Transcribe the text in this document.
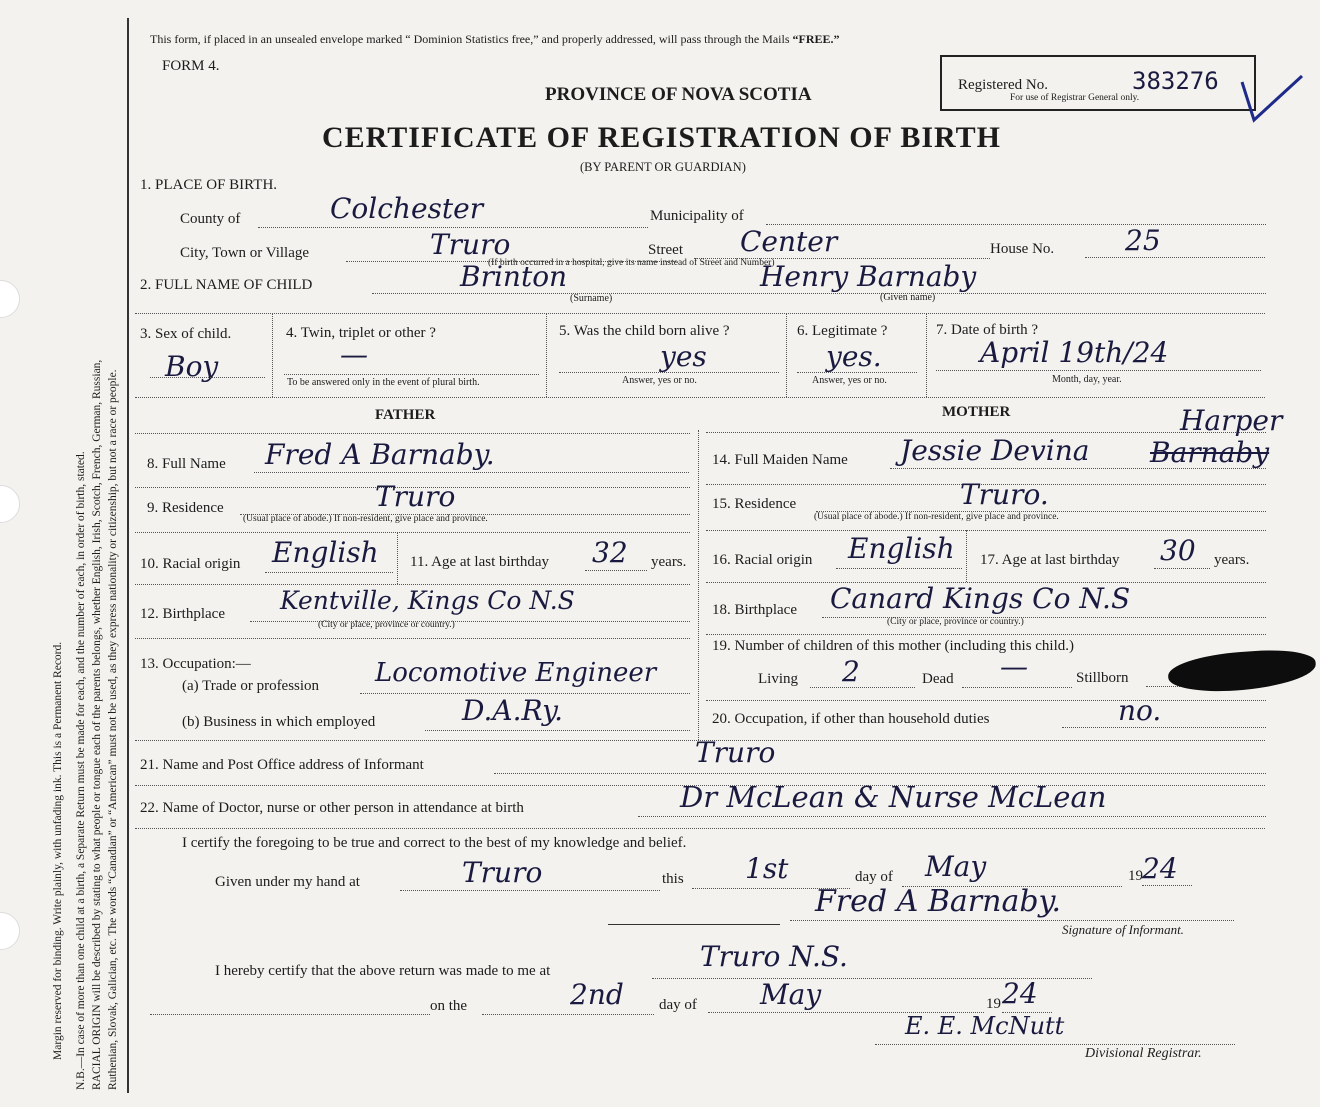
Margin reserved for binding. Write plainly, with unfading ink. This is a Permanent Record. N.B.—In case of more than one child at a birth, a Separate Return must be made for each, and the number of each, in order of birth, stated. RACIAL ORIGIN will be described by stating to what people or tongue each of the parents belongs, whether English, Irish, Scotch, French, German, Russian, Ruthenian, Slovak, Galician, etc. The words “Canadian” or “American” must not be used, as they express nationality or citizenship, but not a race or people.
This form, if placed in an unsealed envelope marked “ Dominion Statistics free,” and properly addressed, will pass through the Mails “FREE.”
FORM 4.
PROVINCE OF NOVA SCOTIA
CERTIFICATE OF REGISTRATION OF BIRTH
(BY PARENT OR GUARDIAN)
Registered No.	383276
For use of Registrar General only.
1. PLACE OF BIRTH.
County of	Colchester	Municipality of
City, Town or Village	Truro	Street Center	House No.	25
(If birth occurred in a hospital, give its name instead of Street and Number)
2. FULL NAME OF CHILD	Brinton	Henry Barnaby
(Surname)	(Given name)
3. Sex of child.
Boy
4. Twin, triplet or other ?
—
To be answered only in the event of plural birth.
5. Was the child born alive ?
yes
Answer, yes or no.
6. Legitimate ?
yes.
Answer, yes or no.
7. Date of birth ?
April 19th/24
Month, day, year.
FATHER	MOTHER
8. Full Name Fred A Barnaby.
9. Residence	Truro
(Usual place of abode.) If non-resident, give place and province.
10. Racial origin English 11. Age at last birthday 32 years.
12. Birthplace Kentville, Kings Co N.S
(City or place, province or country.)
13. Occupation:—
(a) Trade or profession Locomotive Engineer
(b) Business in which employed	D.A.Ry.
14. Full Maiden Name Jessie Devina Barnaby
Harper
15. Residence	Truro.
(Usual place of abode.) If non-resident, give place and province.
16. Racial origin English 17. Age at last birthday 30 years.
18. Birthplace Canard Kings Co N.S
(City or place, province or country.)
19. Number of children of this mother (including this child.)
Living 2	Dead —	Stillborn
20. Occupation, if other than household duties	no.
21. Name and Post Office address of Informant	Truro
22. Name of Doctor, nurse or other person in attendance at birth	Dr McLean & Nurse McLean
I certify the foregoing to be true and correct to the best of my knowledge and belief.
Given under my hand at	Truro	this 1st	day of May	19 24
Fred A Barnaby.
Signature of Informant.
I hereby certify that the above return was made to me at	Truro N.S.
on the	2nd day of May	19 24
E. E. McNutt
Divisional Registrar.
